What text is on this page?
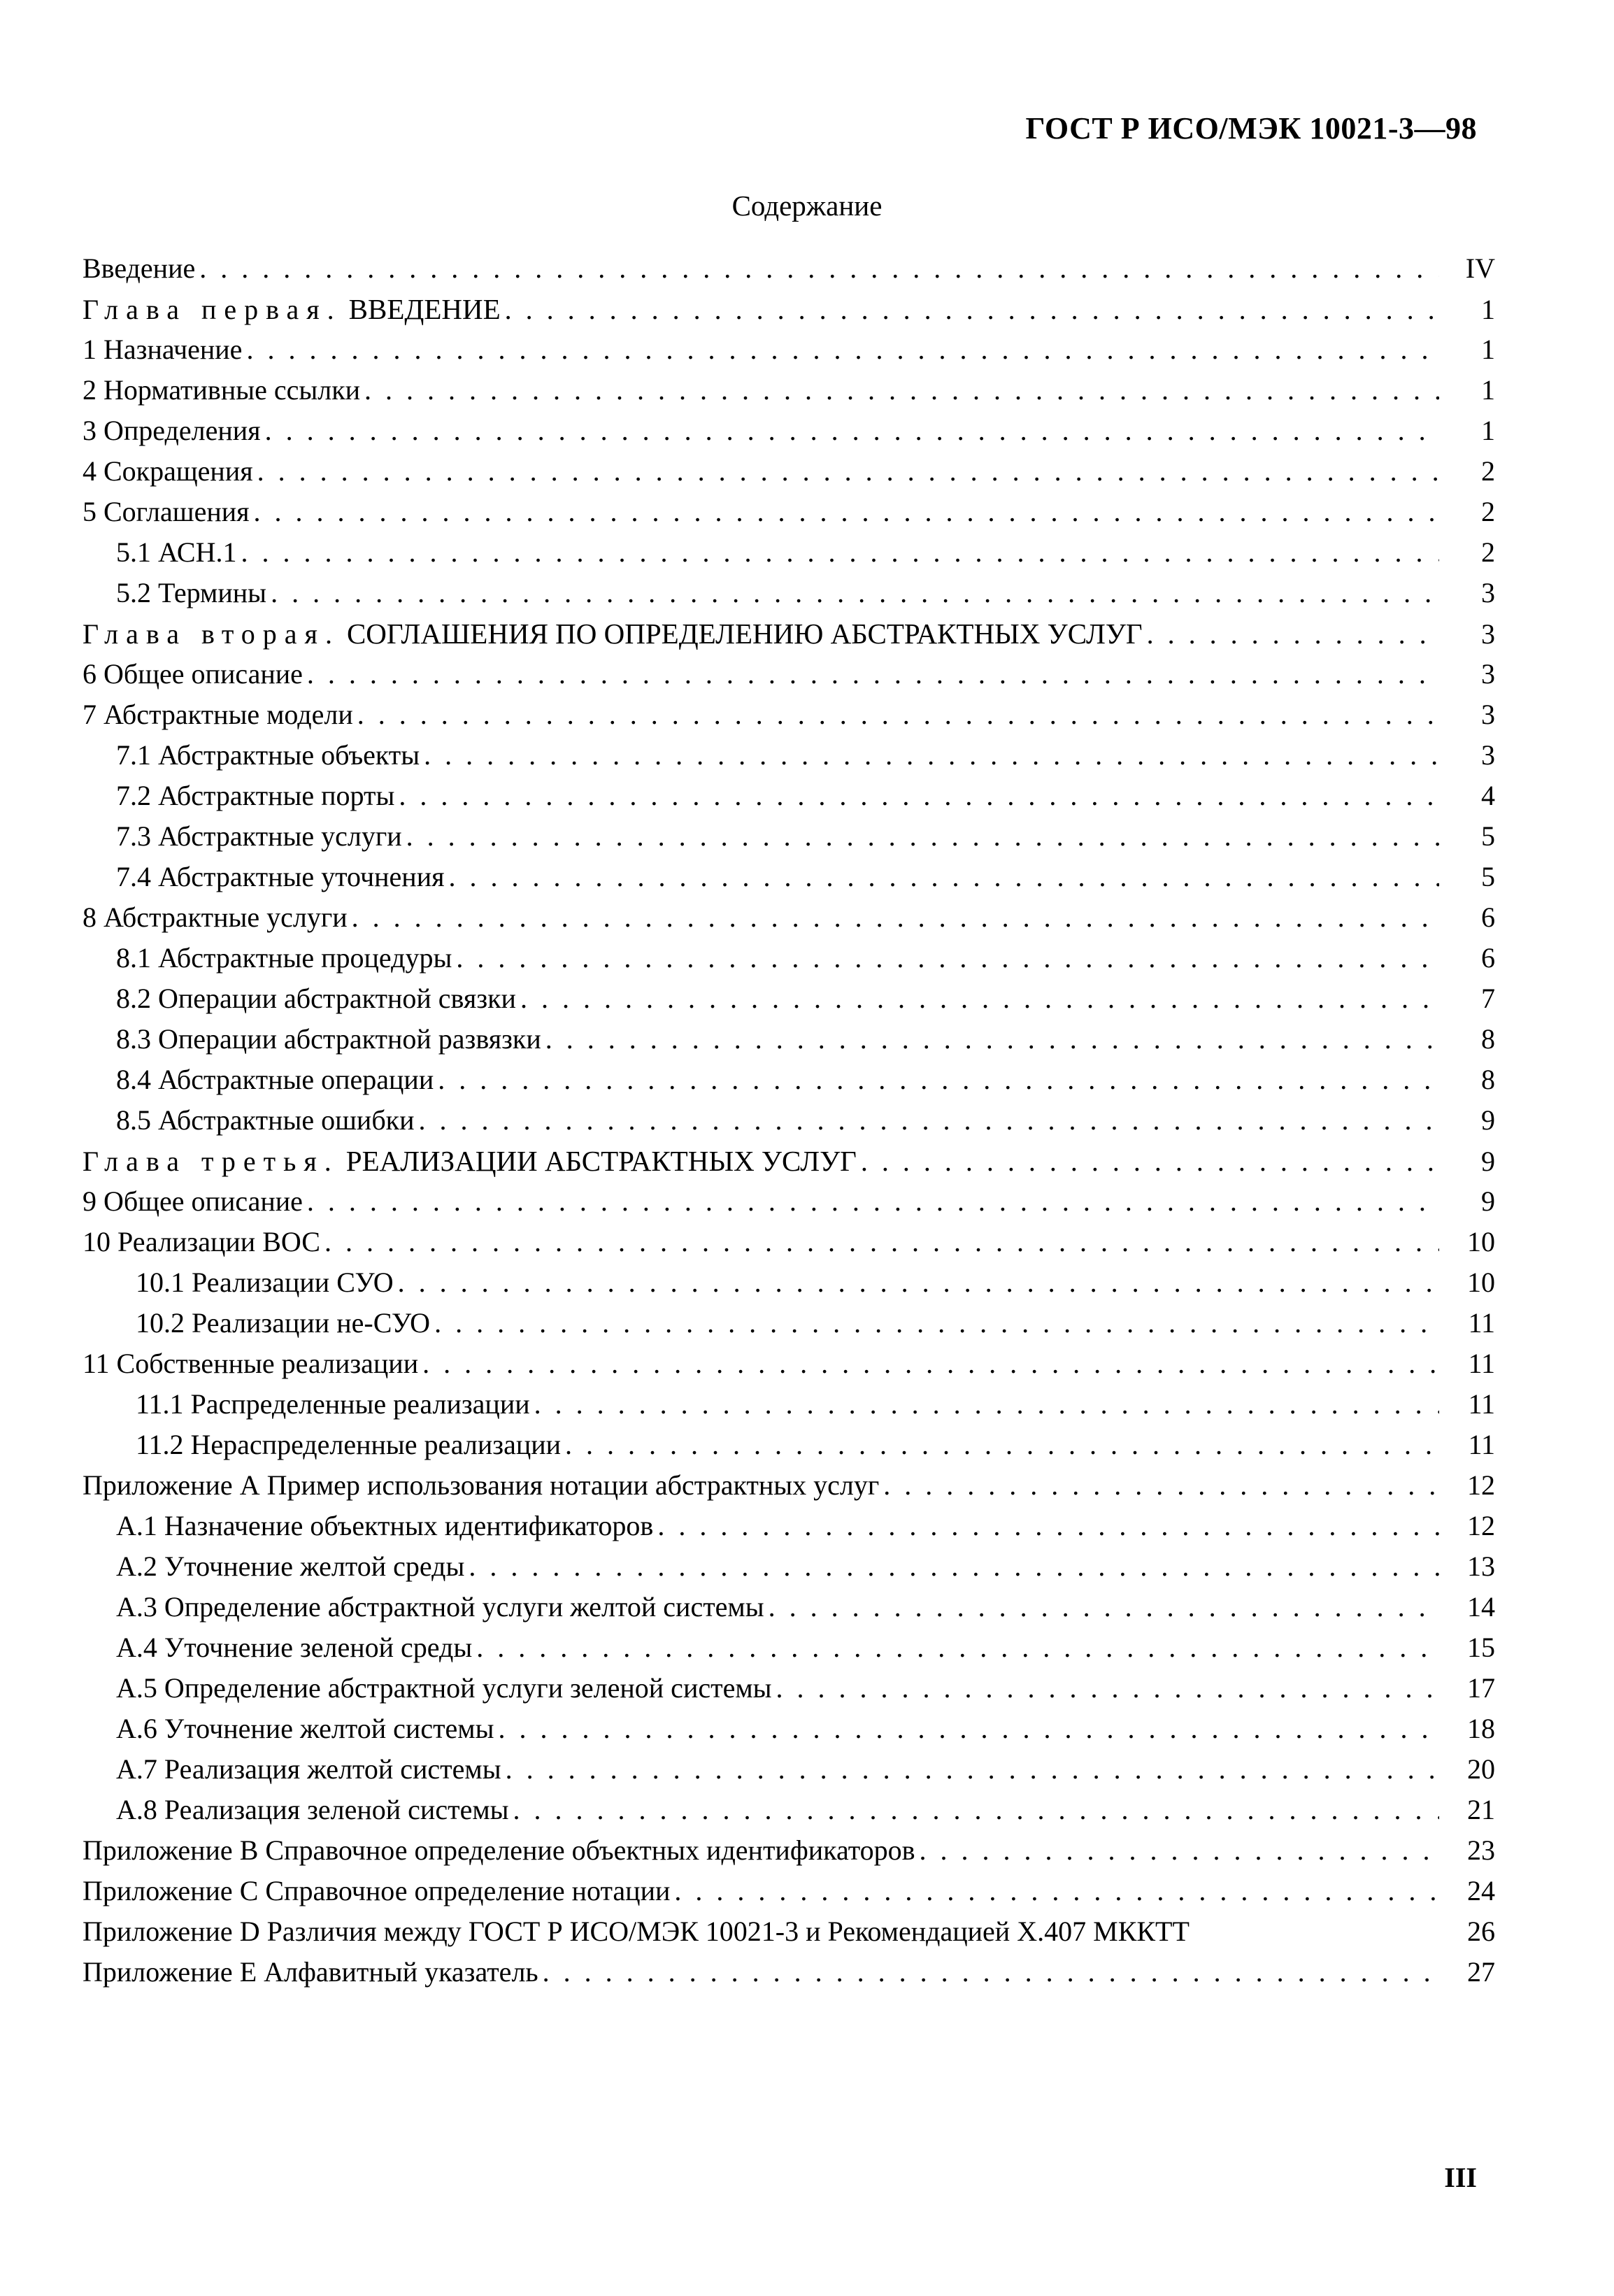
ГОСТ Р ИСО/МЭК 10021-3—98
Содержание
Введение . . .	IV
Глава первая. ВВЕДЕНИЕ . . .	1
1 Назначение . . .	1
2 Нормативные ссылки . . .	1
3 Определения . . .	1
4 Сокращения . . .	2
5 Соглашения . . .	2
5.1 АСН.1 . . .	2
5.2 Термины . . .	3
Глава вторая. СОГЛАШЕНИЯ ПО ОПРЕДЕЛЕНИЮ АБСТРАКТНЫХ УСЛУГ . . .	3
6 Общее описание . . .	3
7 Абстрактные модели . . .	3
7.1 Абстрактные объекты . . .	3
7.2 Абстрактные порты . . .	4
7.3 Абстрактные услуги . . .	5
7.4 Абстрактные уточнения . . .	5
8 Абстрактные услуги . . .	6
8.1 Абстрактные процедуры . . .	6
8.2 Операции абстрактной связки . . .	7
8.3 Операции абстрактной развязки . . .	8
8.4 Абстрактные операции . . .	8
8.5 Абстрактные ошибки . . .	9
Глава третья. РЕАЛИЗАЦИИ АБСТРАКТНЫХ УСЛУГ . . .	9
9 Общее описание . . .	9
10 Реализации ВОС . . .	10
10.1 Реализации СУО . . .	10
10.2 Реализации не-СУО . . .	11
11 Собственные реализации . . .	11
11.1 Распределенные реализации . . .	11
11.2 Нераспределенные реализации . . .	11
Приложение А Пример использования нотации абстрактных услуг . . .	12
А.1 Назначение объектных идентификаторов . . .	12
А.2 Уточнение желтой среды . . .	13
А.3 Определение абстрактной услуги желтой системы . . .	14
А.4 Уточнение зеленой среды . . .	15
А.5 Определение абстрактной услуги зеленой системы . . .	17
А.6 Уточнение желтой системы . . .	18
А.7 Реализация желтой системы . . .	20
А.8 Реализация зеленой системы . . .	21
Приложение В Справочное определение объектных идентификаторов . . .	23
Приложение С Справочное определение нотации . . .	24
Приложение D Различия между ГОСТ Р ИСО/МЭК 10021-3 и Рекомендацией Х.407 МККТТ	26
Приложение Е Алфавитный указатель . . .	27
III
